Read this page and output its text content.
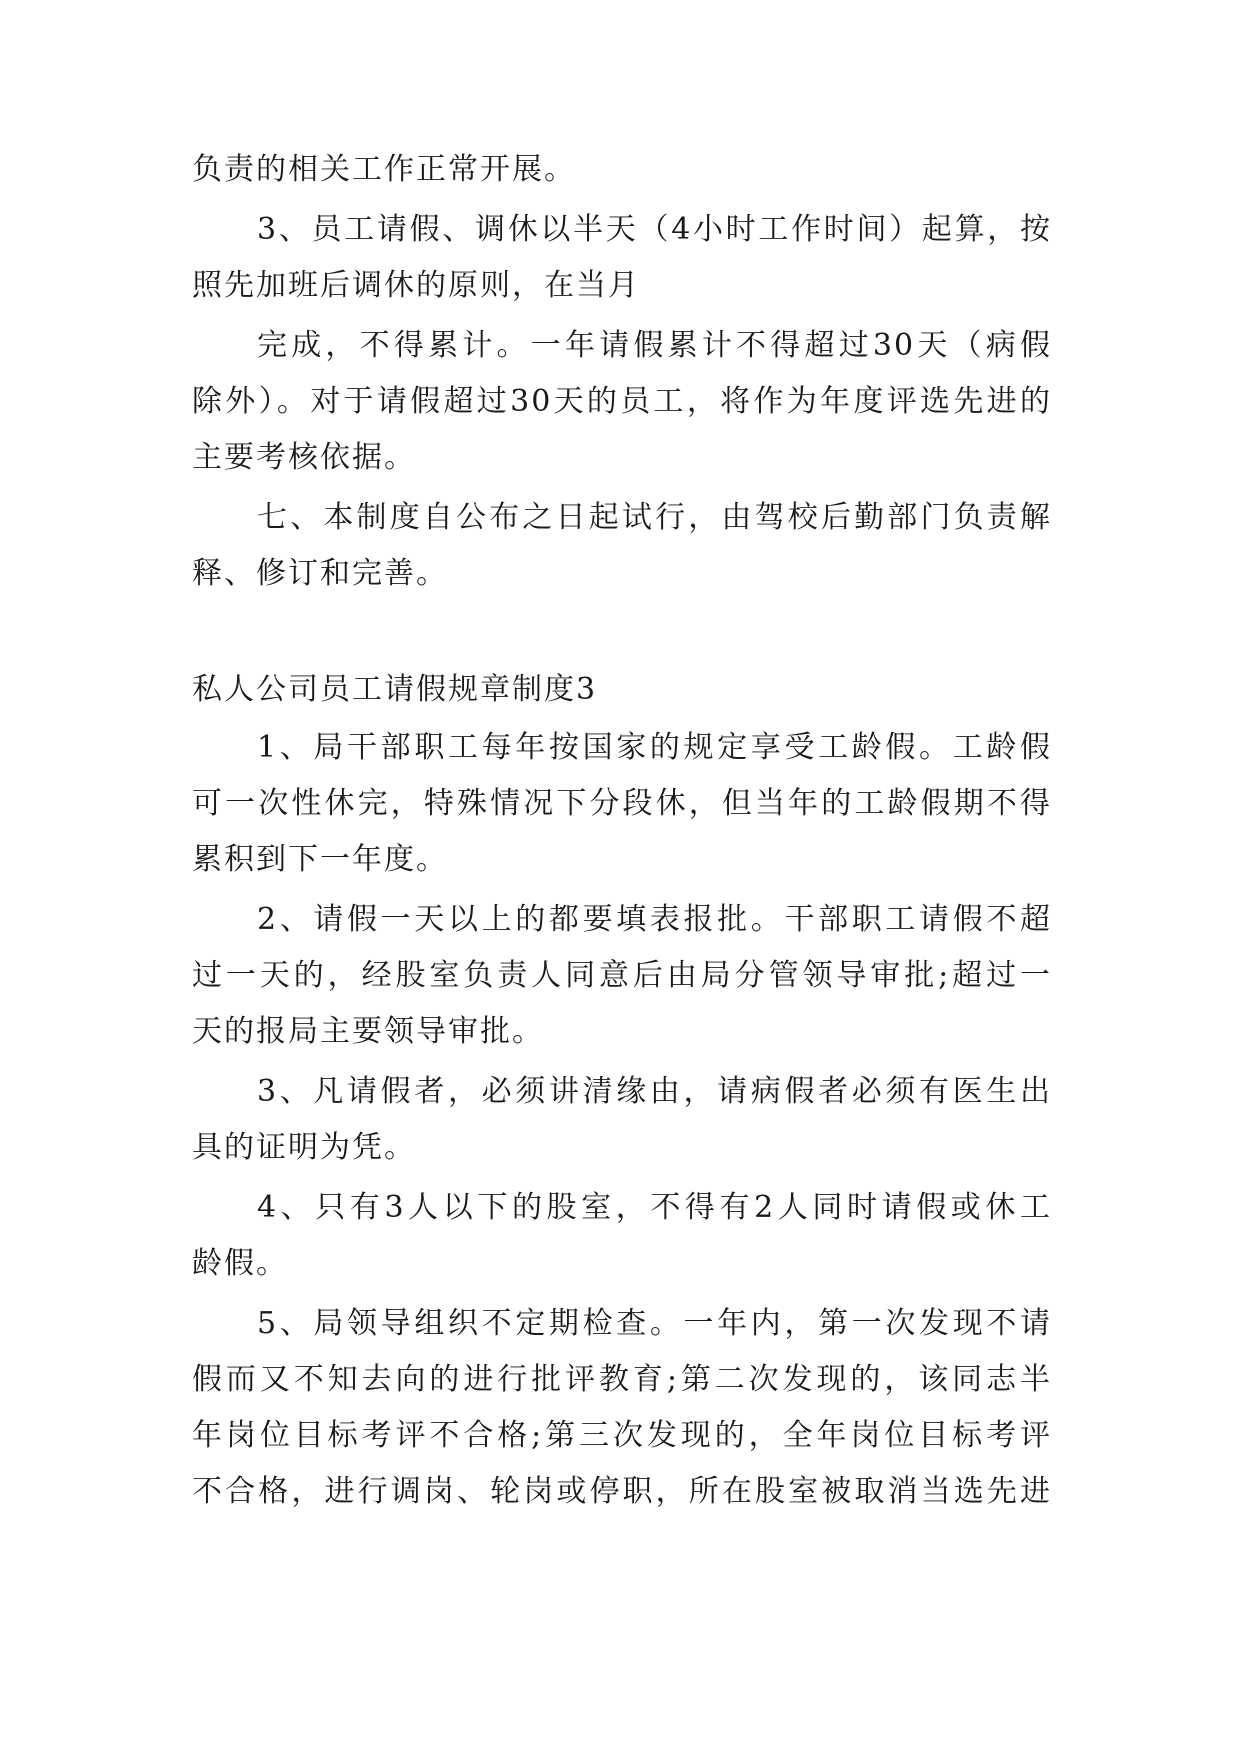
负责的相关工作正常开展。
3、员工请假、调休以半天（4小时工作时间）起算，按
照先加班后调休的原则，在当月
完成，不得累计。一年请假累计不得超过30天（病假
除外）。对于请假超过30天的员工，将作为年度评选先进的
主要考核依据。
七、本制度自公布之日起试行，由驾校后勤部门负责解
释、修订和完善。
私人公司员工请假规章制度3
1、局干部职工每年按国家的规定享受工龄假。工龄假
可一次性休完，特殊情况下分段休，但当年的工龄假期不得
累积到下一年度。
2、请假一天以上的都要填表报批。干部职工请假不超
过一天的，经股室负责人同意后由局分管领导审批;超过一
天的报局主要领导审批。
3、凡请假者，必须讲清缘由，请病假者必须有医生出
具的证明为凭。
4、只有3人以下的股室，不得有2人同时请假或休工
龄假。
5、局领导组织不定期检查。一年内，第一次发现不请
假而又不知去向的进行批评教育;第二次发现的，该同志半
年岗位目标考评不合格;第三次发现的，全年岗位目标考评
不合格，进行调岗、轮岗或停职，所在股室被取消当选先进
